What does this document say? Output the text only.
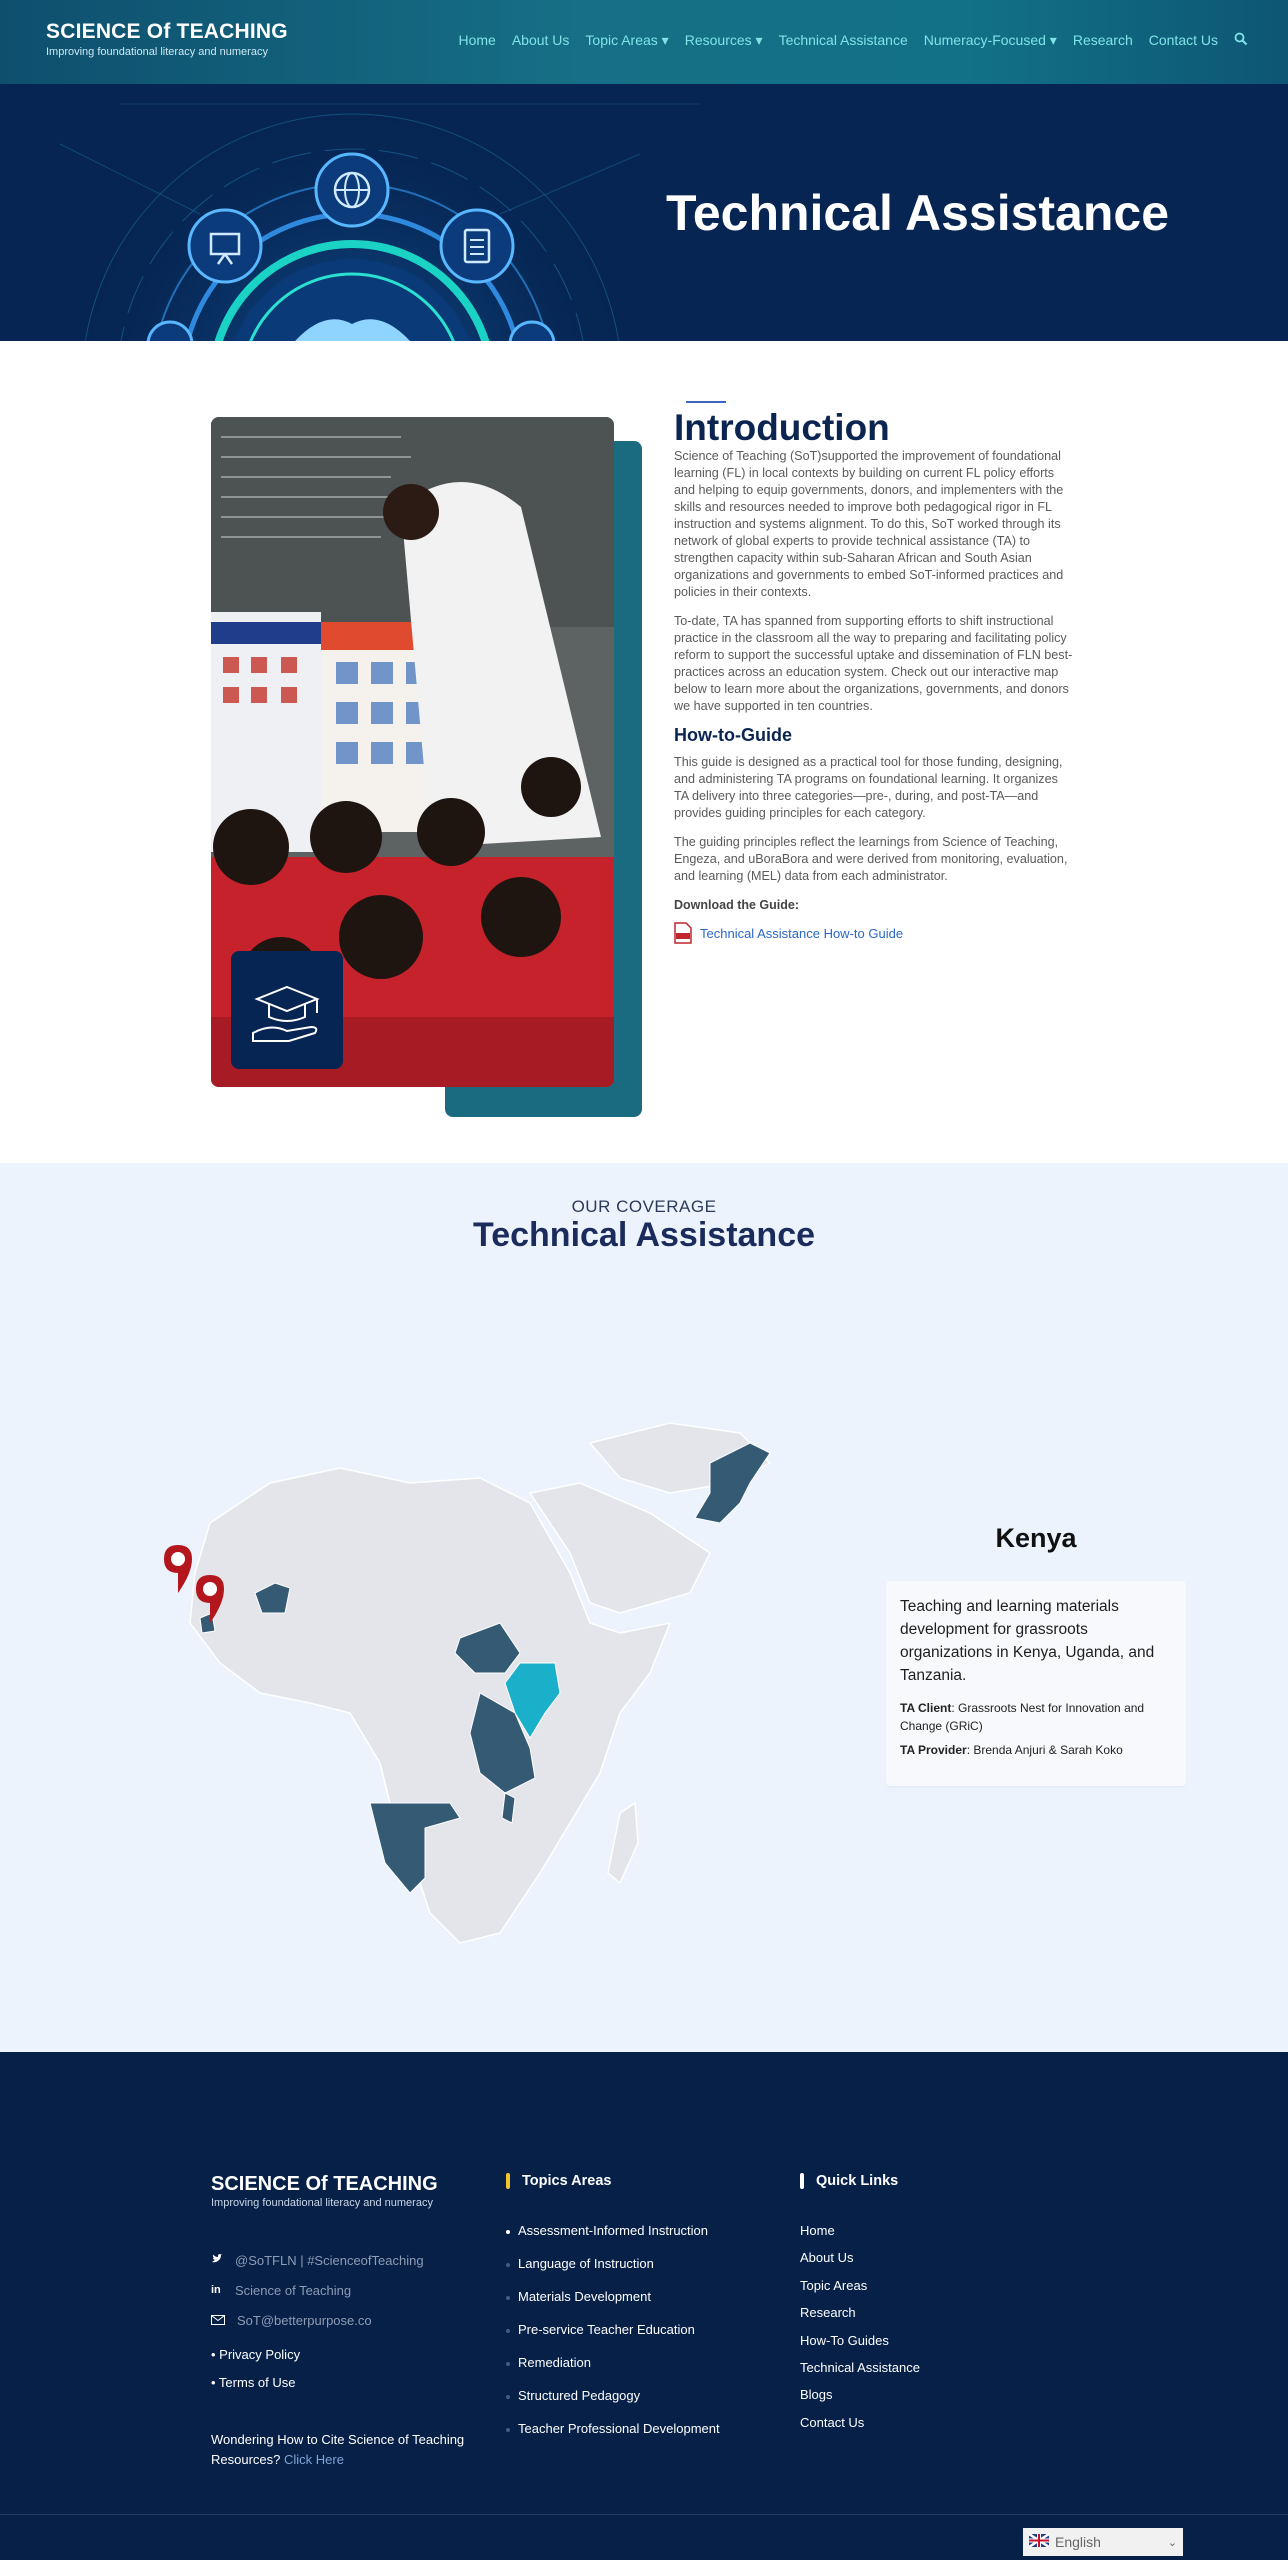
SCIENCE Of TEACHING
Improving foundational literacy and numeracy
Home About Us Topic Areas ▾ Resources ▾ Technical Assistance Numeracy-Focused ▾ Research Contact Us
Technical Assistance
Introduction

Science of Teaching (SoT)supported the improvement of foundational learning (FL) in local contexts by building on current FL policy efforts and helping to equip governments, donors, and implementers with the skills and resources needed to improve both pedagogical rigor in FL instruction and systems alignment. To do this, SoT worked through its network of global experts to provide technical assistance (TA) to strengthen capacity within sub-Saharan African and South Asian organizations and governments to embed SoT-informed practices and policies in their contexts.

To-date, TA has spanned from supporting efforts to shift instructional practice in the classroom all the way to preparing and facilitating policy reform to support the successful uptake and dissemination of FLN best-practices across an education system. Check out our interactive map below to learn more about the organizations, governments, and donors we have supported in ten countries.

How-to-Guide

This guide is designed as a practical tool for those funding, designing, and administering TA programs on foundational learning. It organizes TA delivery into three categories—pre-, during, and post-TA—and provides guiding principles for each category.

The guiding principles reflect the learnings from Science of Teaching, Engeza, and uBoraBora and were derived from monitoring, evaluation, and learning (MEL) data from each administrator.

Download the Guide:
Technical Assistance How-to Guide
OUR COVERAGE
Technical Assistance
Kenya
Teaching and learning materials development for grassroots organizations in Kenya, Uganda, and Tanzania.
TA Client: Grassroots Nest for Innovation and Change (GRiC)
TA Provider: Brenda Anjuri & Sarah Koko
SCIENCE Of TEACHING
Improving foundational literacy and numeracy
@SoTFLN | #ScienceofTeaching
in Science of Teaching
SoT@betterpurpose.co
• Privacy Policy
• Terms of Use
Wondering How to Cite Science of Teaching Resources? Click Here
Topics Areas
Assessment-Informed Instruction
Language of Instruction
Materials Development
Pre-service Teacher Education
Remediation
Structured Pedagogy
Teacher Professional Development
Quick Links
Home
About Us
Topic Areas
Research
How-To Guides
Technical Assistance
Blogs
Contact Us
English	⌄
